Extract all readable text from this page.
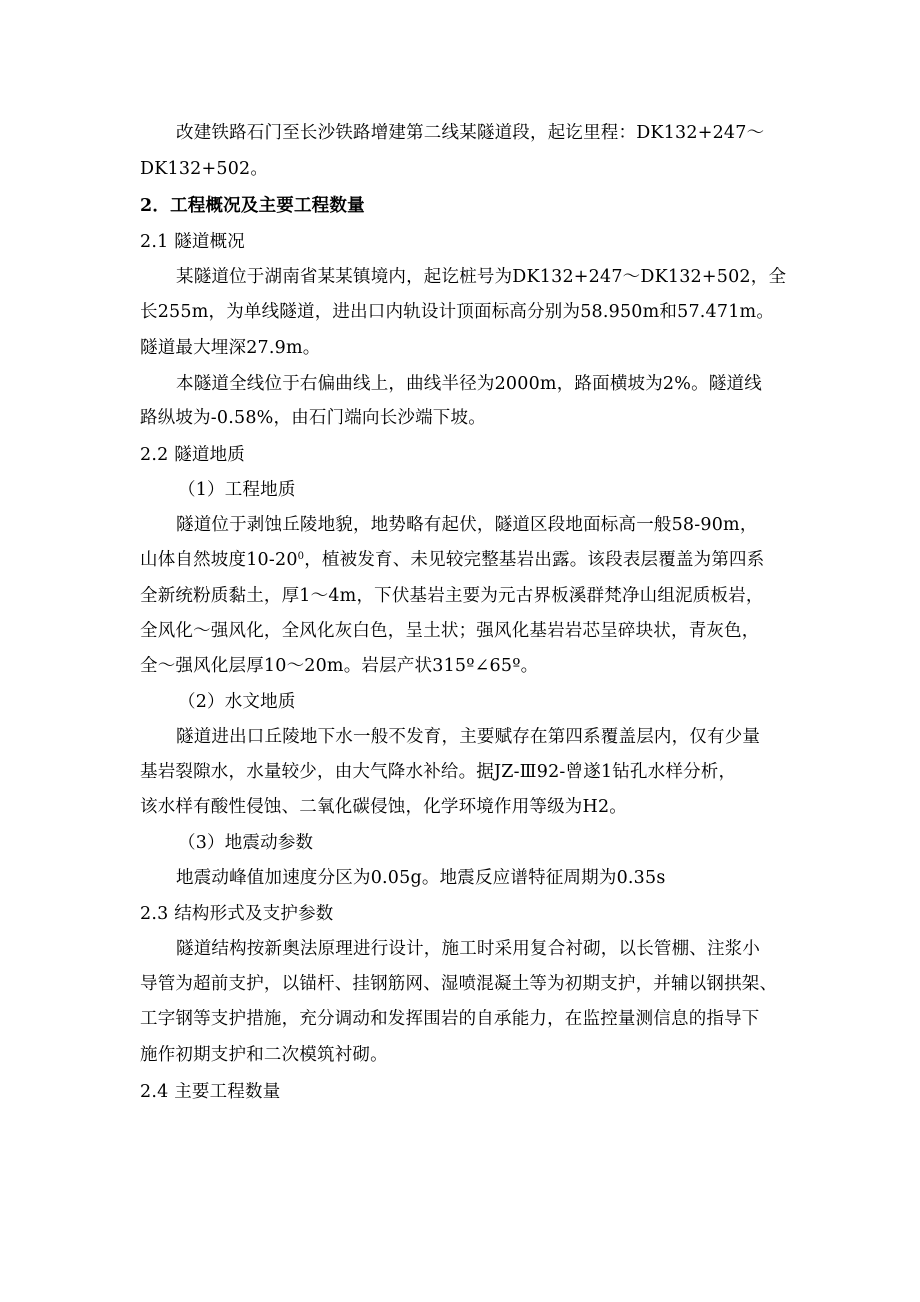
改建铁路石门至长沙铁路增建第二线某隧道段，起讫里程：DK132+247～
DK132+502。
2．工程概况及主要工程数量
2.1 隧道概况
某隧道位于湖南省某某镇境内，起讫桩号为DK132+247～DK132+502，全
长255m，为单线隧道，进出口内轨设计顶面标高分别为58.950m和57.471m。
隧道最大埋深27.9m。
本隧道全线位于右偏曲线上，曲线半径为2000m，路面横坡为2%。隧道线
路纵坡为-0.58%，由石门端向长沙端下坡。
2.2 隧道地质
（1）工程地质
隧道位于剥蚀丘陵地貌，地势略有起伏，隧道区段地面标高一般58-90m，
山体自然坡度$10-20^0$，植被发育、未见较完整基岩出露。该段表层覆盖为第四系
全新统粉质黏土，厚1～4m，下伏基岩主要为元古界板溪群梵净山组泥质板岩，
全风化～强风化，全风化灰白色，呈土状；强风化基岩岩芯呈碎块状，青灰色，
全～强风化层厚10～20m。岩层产状315º∠65º。
（2）水文地质
隧道进出口丘陵地下水一般不发育，主要赋存在第四系覆盖层内，仅有少量
基岩裂隙水，水量较少，由大气降水补给。据JZ-Ⅲ92-曾遂1钻孔水样分析，
该水样有酸性侵蚀、二氧化碳侵蚀，化学环境作用等级为H2。
（3）地震动参数
地震动峰值加速度分区为0.05g。地震反应谱特征周期为0.35s
2.3 结构形式及支护参数
隧道结构按新奥法原理进行设计，施工时采用复合衬砌，以长管棚、注浆小
导管为超前支护，以锚杆、挂钢筋网、湿喷混凝土等为初期支护，并辅以钢拱架、
工字钢等支护措施，充分调动和发挥围岩的自承能力，在监控量测信息的指导下
施作初期支护和二次模筑衬砌。
2.4 主要工程数量
